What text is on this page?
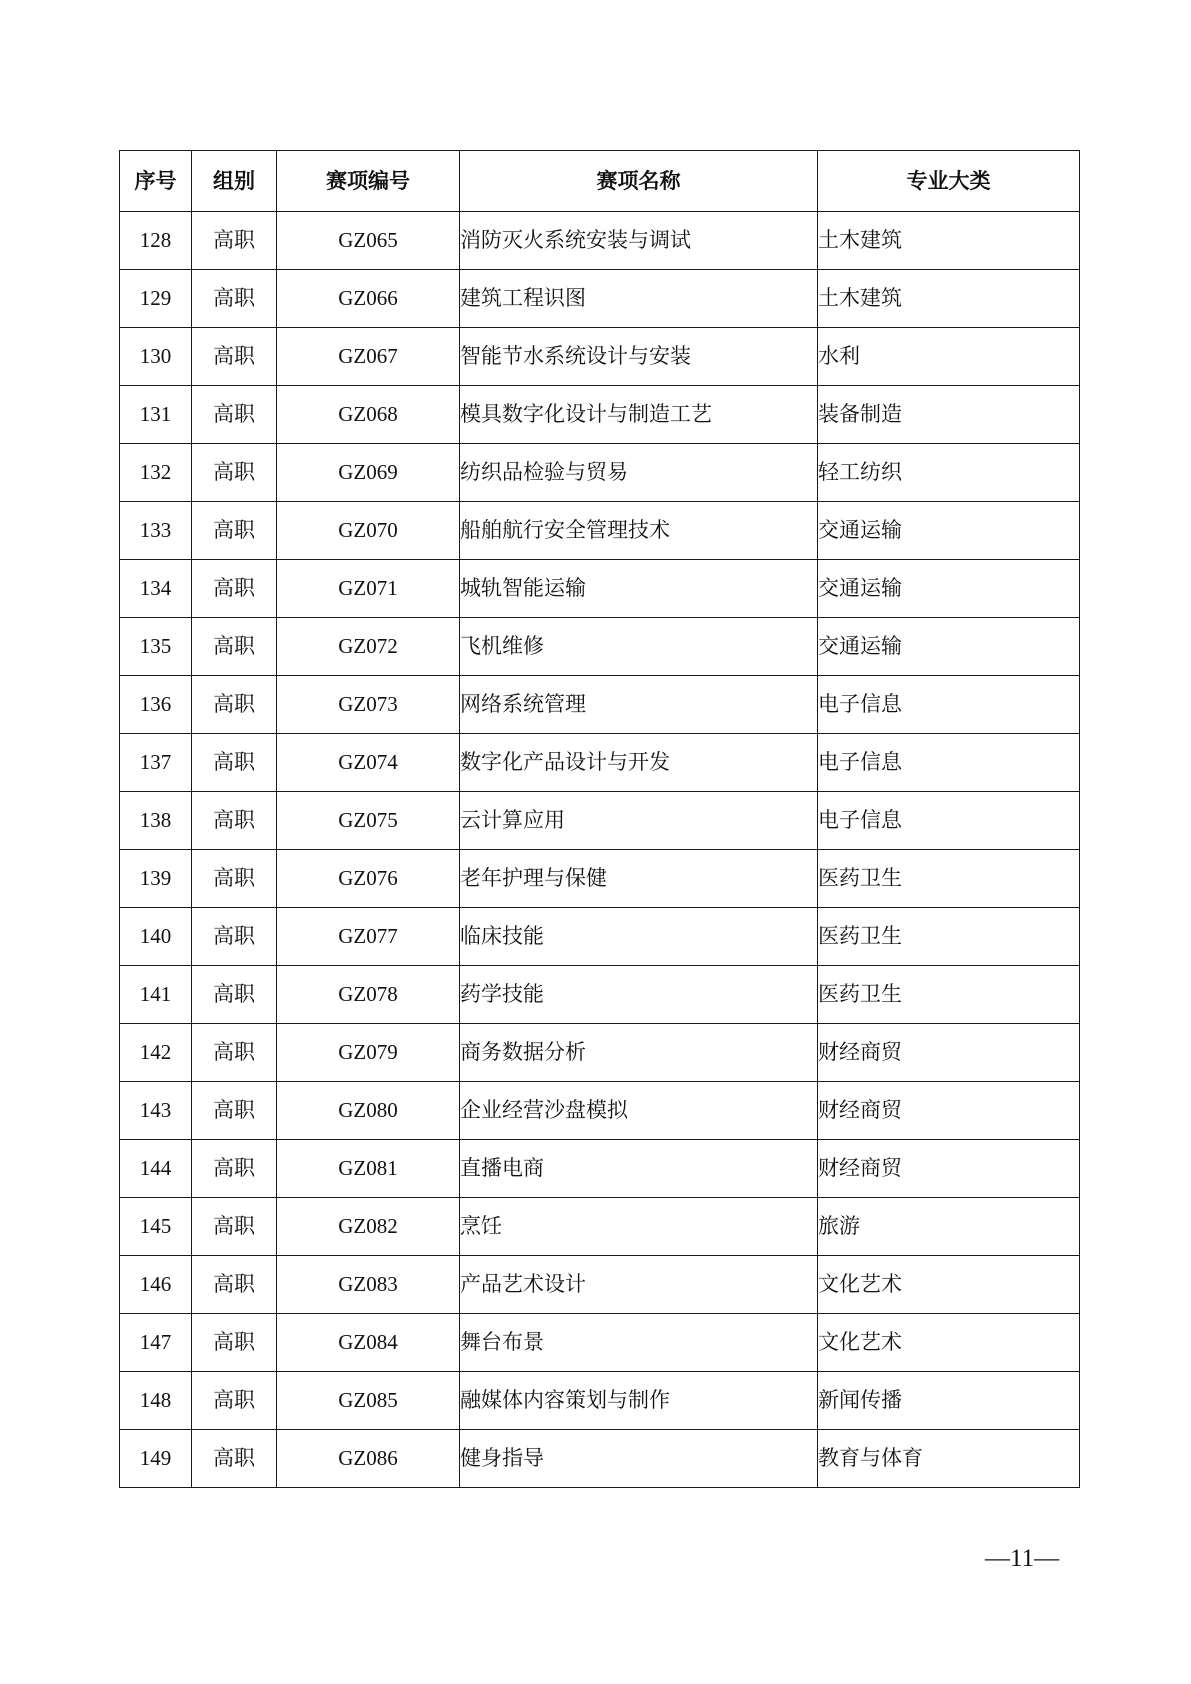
序号	组别	赛项编号	赛项名称	专业大类
128	高职	GZ065	消防灭火系统安装与调试	土木建筑
129	高职	GZ066	建筑工程识图	土木建筑
130	高职	GZ067	智能节水系统设计与安装	水利
131	高职	GZ068	模具数字化设计与制造工艺	装备制造
132	高职	GZ069	纺织品检验与贸易	轻工纺织
133	高职	GZ070	船舶航行安全管理技术	交通运输
134	高职	GZ071	城轨智能运输	交通运输
135	高职	GZ072	飞机维修	交通运输
136	高职	GZ073	网络系统管理	电子信息
137	高职	GZ074	数字化产品设计与开发	电子信息
138	高职	GZ075	云计算应用	电子信息
139	高职	GZ076	老年护理与保健	医药卫生
140	高职	GZ077	临床技能	医药卫生
141	高职	GZ078	药学技能	医药卫生
142	高职	GZ079	商务数据分析	财经商贸
143	高职	GZ080	企业经营沙盘模拟	财经商贸
144	高职	GZ081	直播电商	财经商贸
145	高职	GZ082	烹饪	旅游
146	高职	GZ083	产品艺术设计	文化艺术
147	高职	GZ084	舞台布景	文化艺术
148	高职	GZ085	融媒体内容策划与制作	新闻传播
149	高职	GZ086	健身指导	教育与体育
—11—
